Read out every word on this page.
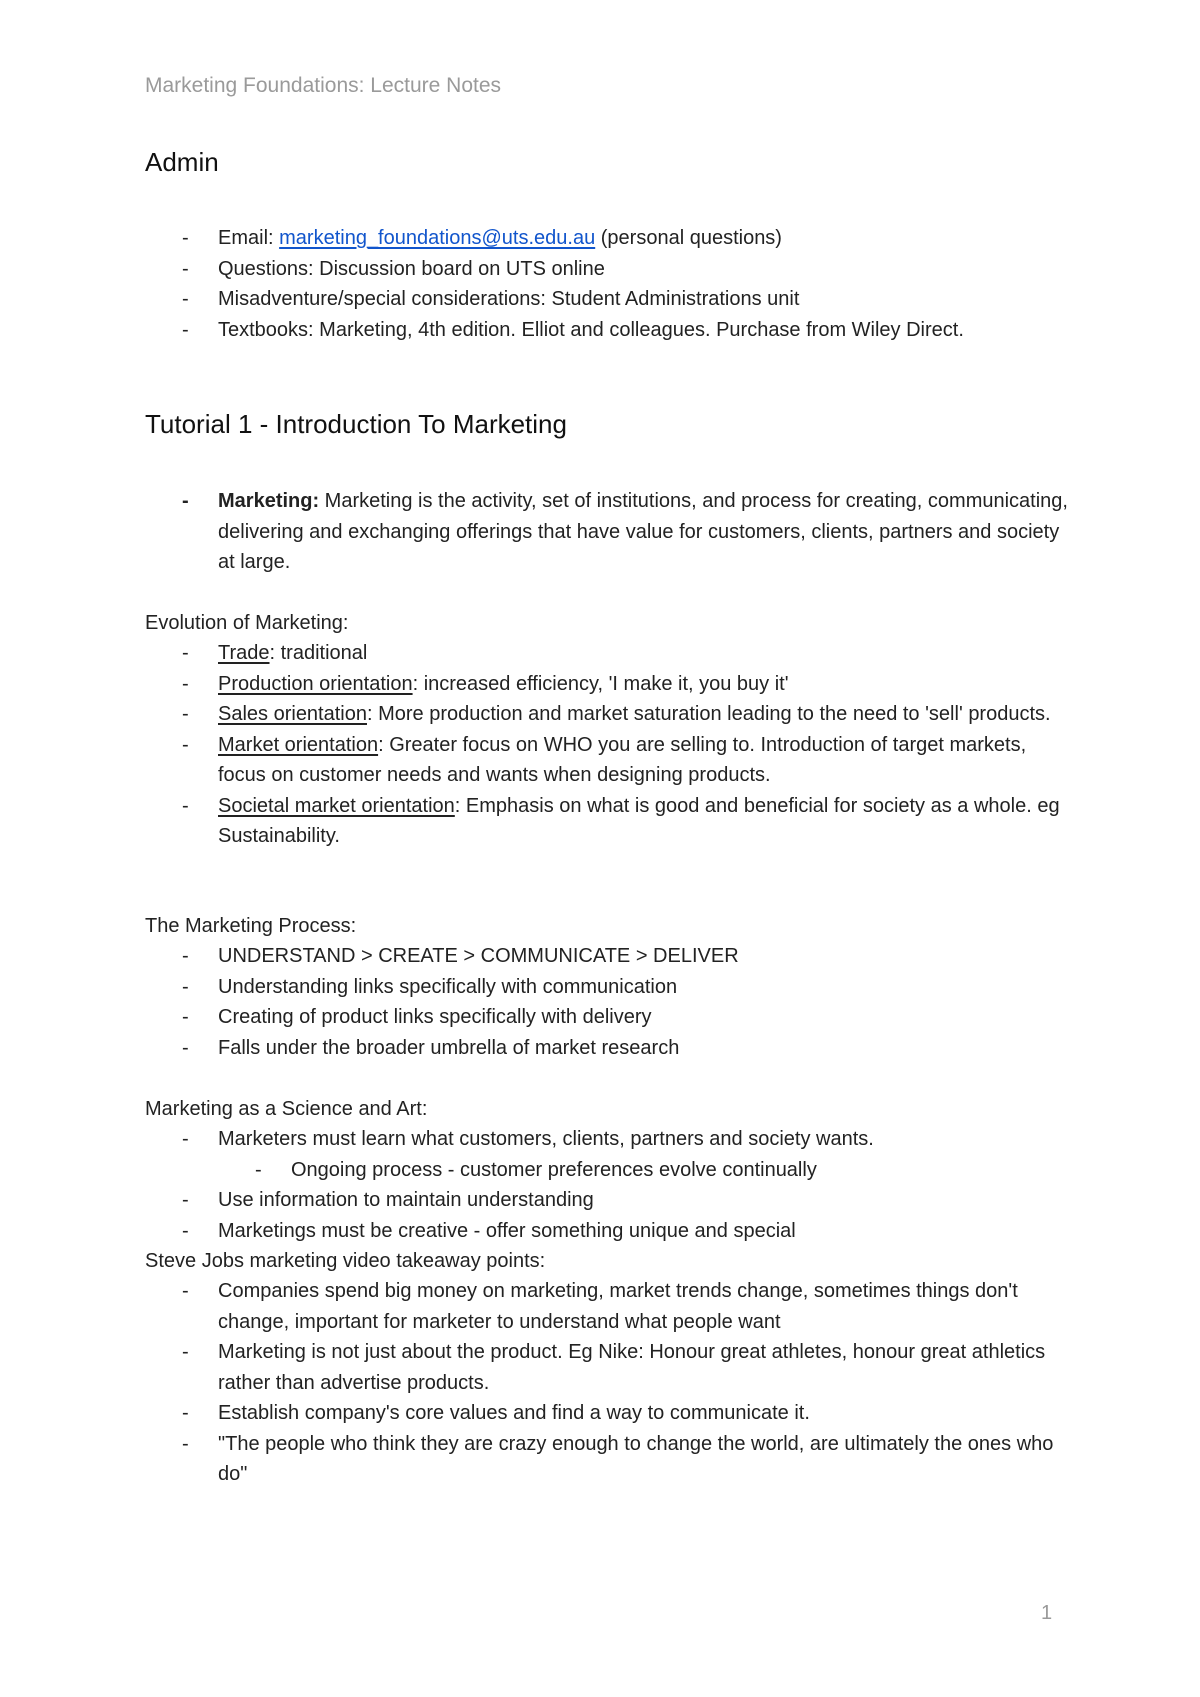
Marketing Foundations: Lecture Notes
Admin
- Email: marketing_foundations@uts.edu.au (personal questions)
- Questions: Discussion board on UTS online
- Misadventure/special considerations: Student Administrations unit
- Textbooks: Marketing, 4th edition. Elliot and colleagues. Purchase from Wiley Direct.
Tutorial 1 - Introduction To Marketing
- Marketing: Marketing is the activity, set of institutions, and process for creating, communicating, delivering and exchanging offerings that have value for customers, clients, partners and society at large.
Evolution of Marketing:
- Trade: traditional
- Production orientation: increased efficiency, 'I make it, you buy it'
- Sales orientation: More production and market saturation leading to the need to 'sell' products.
- Market orientation: Greater focus on WHO you are selling to. Introduction of target markets, focus on customer needs and wants when designing products.
- Societal market orientation: Emphasis on what is good and beneficial for society as a whole. eg Sustainability.
The Marketing Process:
- UNDERSTAND > CREATE > COMMUNICATE > DELIVER
- Understanding links specifically with communication
- Creating of product links specifically with delivery
- Falls under the broader umbrella of market research
Marketing as a Science and Art:
- Marketers must learn what customers, clients, partners and society wants.
- Ongoing process - customer preferences evolve continually
- Use information to maintain understanding
- Marketings must be creative - offer something unique and special
Steve Jobs marketing video takeaway points:
- Companies spend big money on marketing, market trends change, sometimes things don't change, important for marketer to understand what people want
- Marketing is not just about the product. Eg Nike: Honour great athletes, honour great athletics rather than advertise products.
- Establish company's core values and find a way to communicate it.
- "The people who think they are crazy enough to change the world, are ultimately the ones who do"
1
